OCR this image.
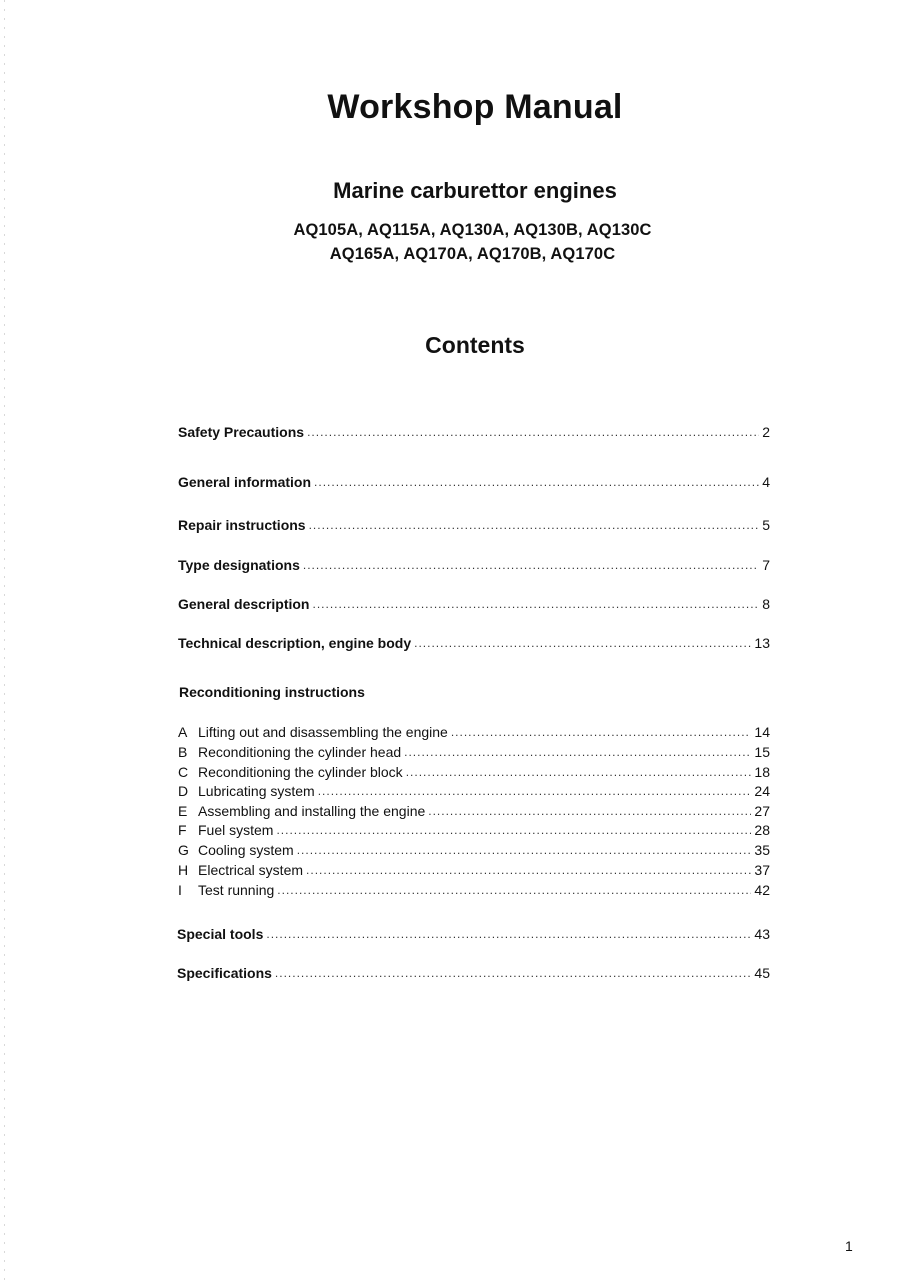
Workshop Manual
Marine carburettor engines
AQ105A, AQ115A, AQ130A, AQ130B, AQ130C
AQ165A, AQ170A, AQ170B, AQ170C
Contents
Safety Precautions .....	2
General information .....	4
Repair instructions .....	5
Type designations .....	7
General description .....	8
Technical description, engine body .....	13
Reconditioning instructions
A Lifting out and disassembling the engine .....	14
B Reconditioning the cylinder head .....	15
C Reconditioning the cylinder block .....	18
D Lubricating system .....	24
E Assembling and installing the engine .....	27
F Fuel system .....	28
G Cooling system .....	35
H Electrical system .....	37
I	Test running .....	42
Special tools .....	43
Specifications .....	45
1
